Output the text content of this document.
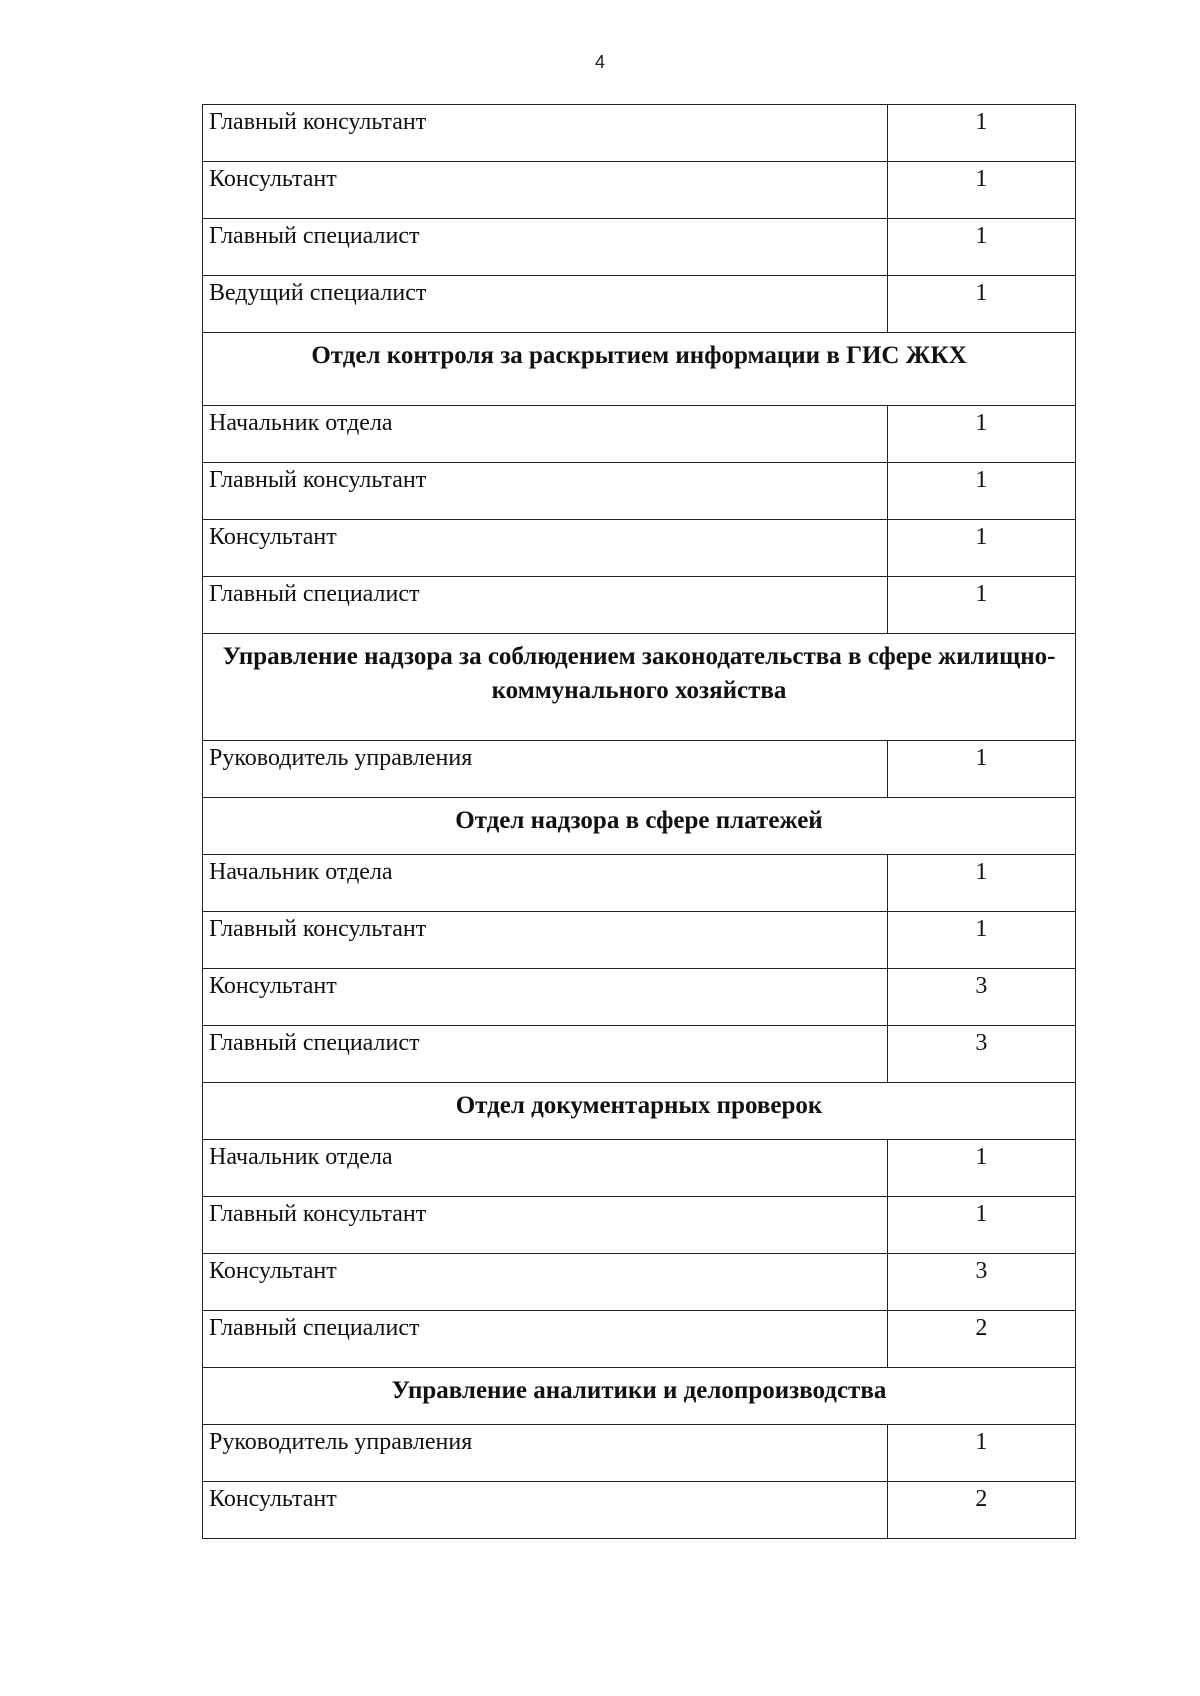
4
Главный консультант	1
Консультант	1
Главный специалист	1
Ведущий специалист	1
Отдел контроля за раскрытием информации в ГИС ЖКХ	
Начальник отдела	1
Главный консультант	1
Консультант	1
Главный специалист	1
Управление надзора за соблюдением законодательства в сфере жилищно-коммунального хозяйства	
Руководитель управления	1
Отдел надзора в сфере платежей	
Начальник отдела	1
Главный консультант	1
Консультант	3
Главный специалист	3
Отдел документарных проверок	
Начальник отдела	1
Главный консультант	1
Консультант	3
Главный специалист	2
Управление аналитики и делопроизводства	
Руководитель управления	1
Консультант	2
